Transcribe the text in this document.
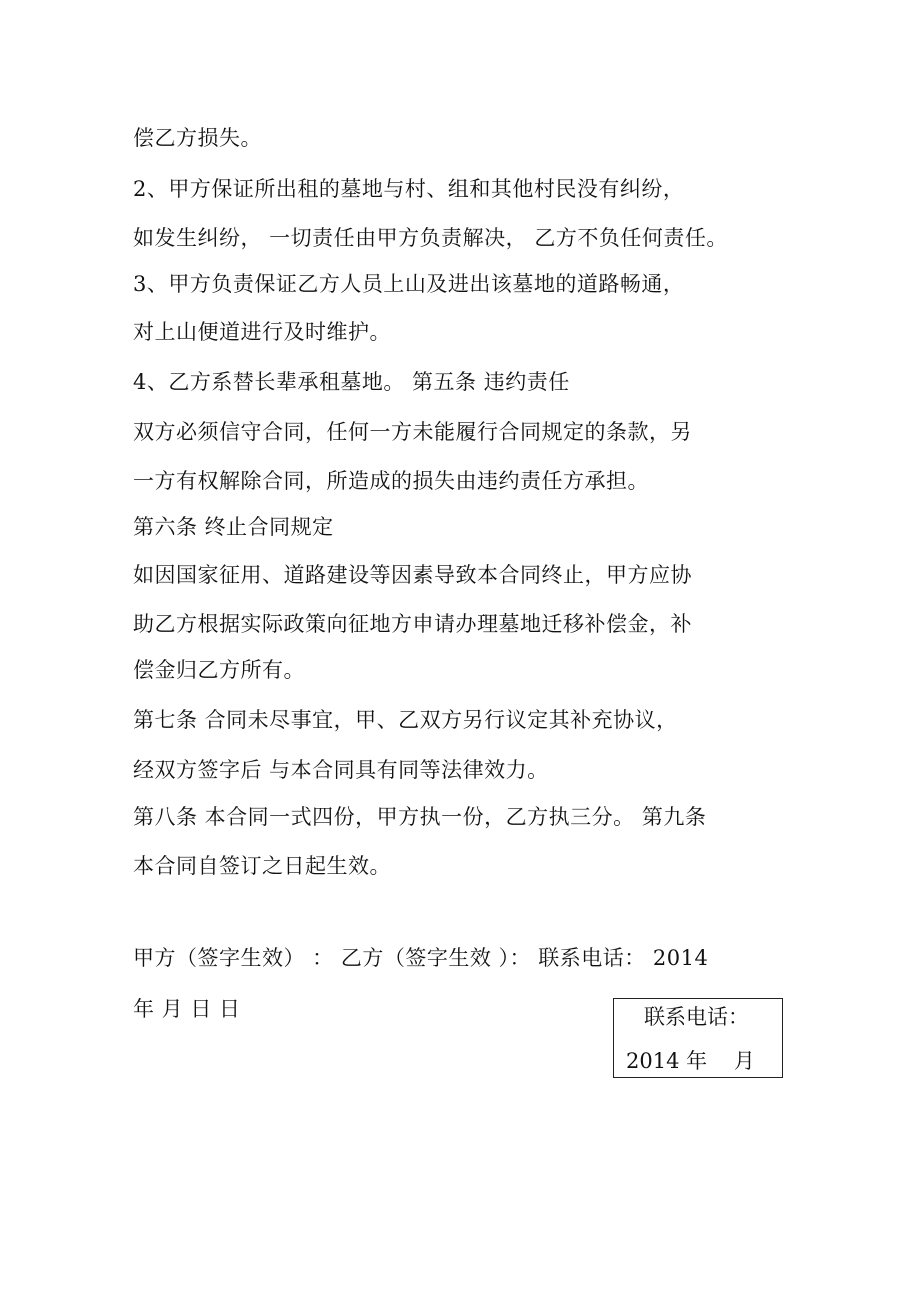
偿乙方损失。
2、甲方保证所出租的墓地与村、组和其他村民没有纠纷，
如发生纠纷， 一切责任由甲方负责解决， 乙方不负任何责任。
3、甲方负责保证乙方人员上山及进出该墓地的道路畅通，
对上山便道进行及时维护。
4、乙方系替长辈承租墓地。 第五条 违约责任
双方必须信守合同，任何一方未能履行合同规定的条款，另
一方有权解除合同，所造成的损失由违约责任方承担。
第六条 终止合同规定
如因国家征用、道路建设等因素导致本合同终止，甲方应协
助乙方根据实际政策向征地方申请办理墓地迁移补偿金，补
偿金归乙方所有。
第七条 合同未尽事宜，甲、乙双方另行议定其补充协议，
经双方签字后 与本合同具有同等法律效力。
第八条 本合同一式四份，甲方执一份，乙方执三分。 第九条
本合同自签订之日起生效。
甲方（签字生效） ： 乙方（签字生效 ）： 联系电话： 2014
年 月 日 日	联系电话：
2014 年    月
